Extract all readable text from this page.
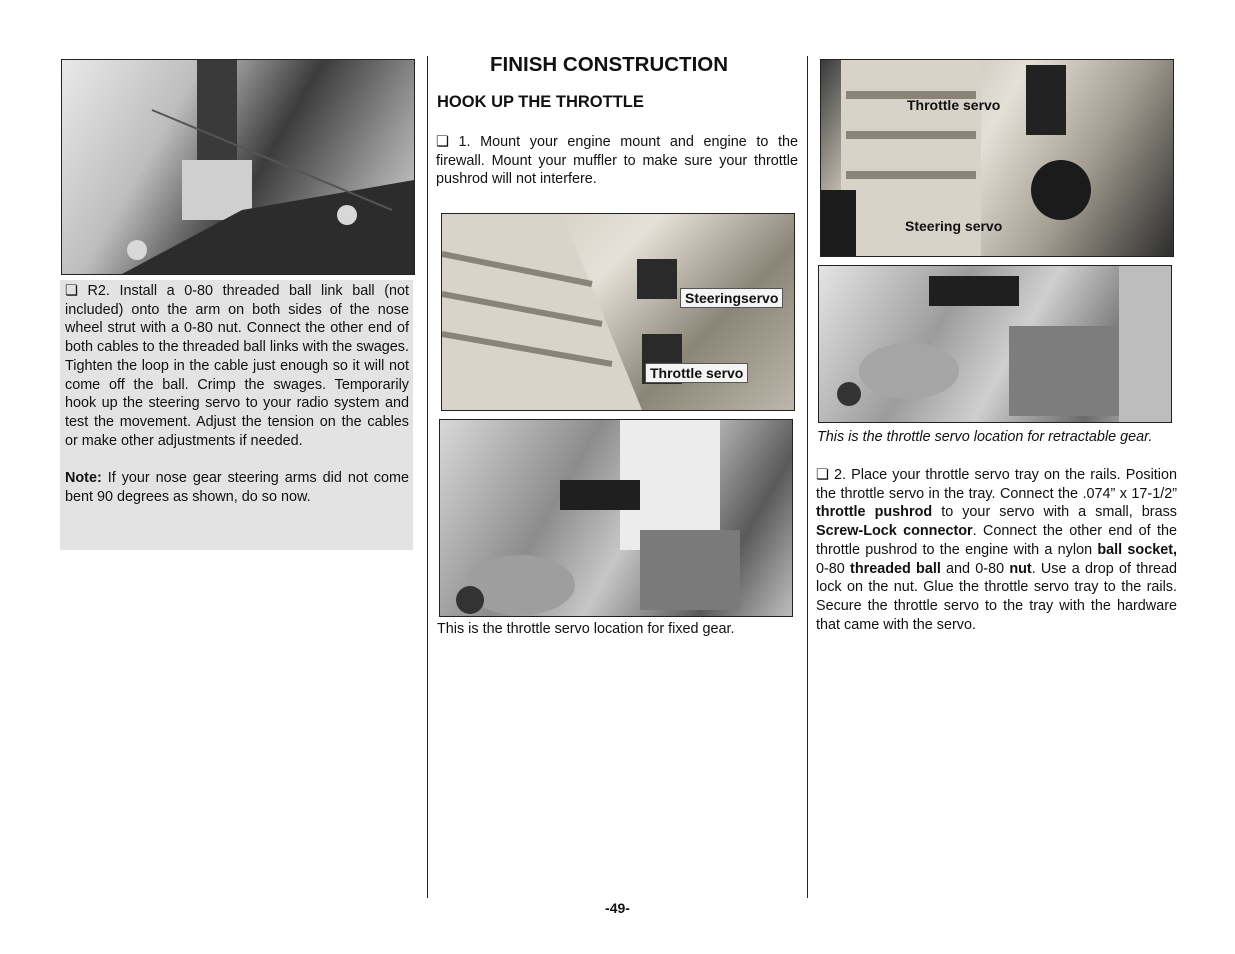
❏ R2. Install a 0-80 threaded ball link ball (not included) onto the arm on both sides of the nose wheel strut with a 0-80 nut. Connect the other end of both cables to the threaded ball links with the swages. Tighten the loop in the cable just enough so it will not come off the ball. Crimp the swages. Temporarily hook up the steering servo to your radio system and test the movement. Adjust the tension on the cables or make other adjustments if needed.

Note: If your nose gear steering arms did not come bent 90 degrees as shown, do so now.

FINISH CONSTRUCTION
HOOK UP THE THROTTLE

❏ 1. Mount your engine mount and engine to the firewall. Mount your muffler to make sure your throttle pushrod will not interfere.

Steeringservo
Throttle servo

This is the throttle servo location for fixed gear.

Throttle servo
Steering servo

This is the throttle servo location for retractable gear.

❏ 2. Place your throttle servo tray on the rails. Position the throttle servo in the tray. Connect the .074” x 17-1/2” throttle pushrod to your servo with a small, brass Screw-Lock connector. Connect the other end of the throttle pushrod to the engine with a nylon ball socket, 0-80 threaded ball and 0-80 nut. Use a drop of thread lock on the nut. Glue the throttle servo tray to the rails. Secure the throttle servo to the tray with the hardware that came with the servo.

-49-
